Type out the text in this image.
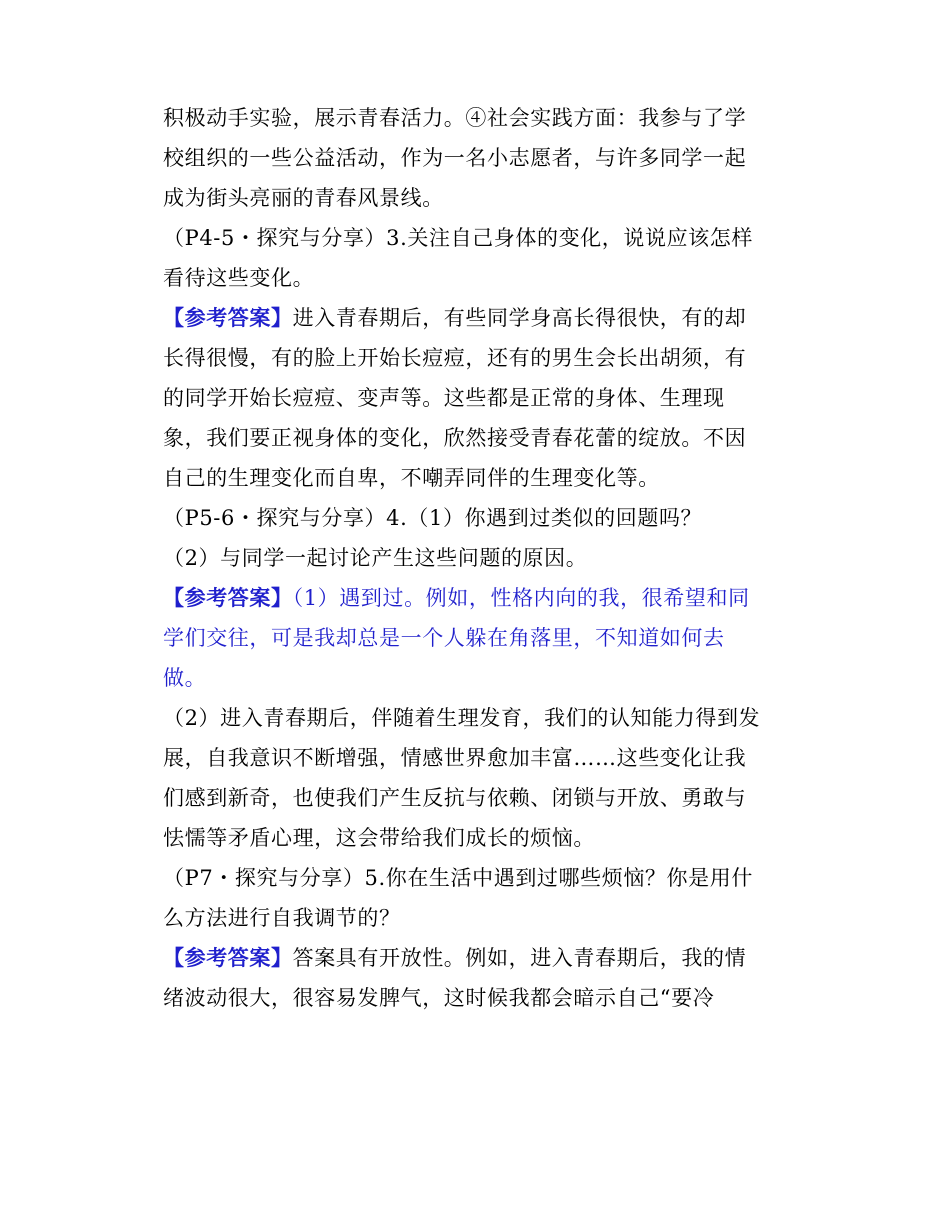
积极动手实验，展示青春活力。④社会实践方面：我参与了学
校组织的一些公益活动，作为一名小志愿者，与许多同学一起
成为街头亮丽的青春风景线。
（P4-5・探究与分享）3.关注自己身体的变化，说说应该怎样
看待这些变化。
【参考答案】进入青春期后，有些同学身高长得很快，有的却
长得很慢，有的脸上开始长痘痘，还有的男生会长出胡须，有
的同学开始长痘痘、变声等。这些都是正常的身体、生理现
象，我们要正视身体的变化，欣然接受青春花蕾的绽放。不因
自己的生理变化而自卑，不嘲弄同伴的生理变化等。
（P5-6・探究与分享）4.（1）你遇到过类似的回题吗？
（2）与同学一起讨论产生这些问题的原因。
【参考答案】（1）遇到过。例如，性格内向的我，很希望和同
学们交往，可是我却总是一个人躲在角落里，不知道如何去
做。
（2）进入青春期后，伴随着生理发育，我们的认知能力得到发
展，自我意识不断增强，情感世界愈加丰富……这些变化让我
们感到新奇，也使我们产生反抗与依赖、闭锁与开放、勇敢与
怯懦等矛盾心理，这会带给我们成长的烦恼。
（P7・探究与分享）5.你在生活中遇到过哪些烦恼？你是用什
么方法进行自我调节的？
【参考答案】答案具有开放性。例如，进入青春期后，我的情
绪波动很大，很容易发脾气，这时候我都会暗示自己“要冷
